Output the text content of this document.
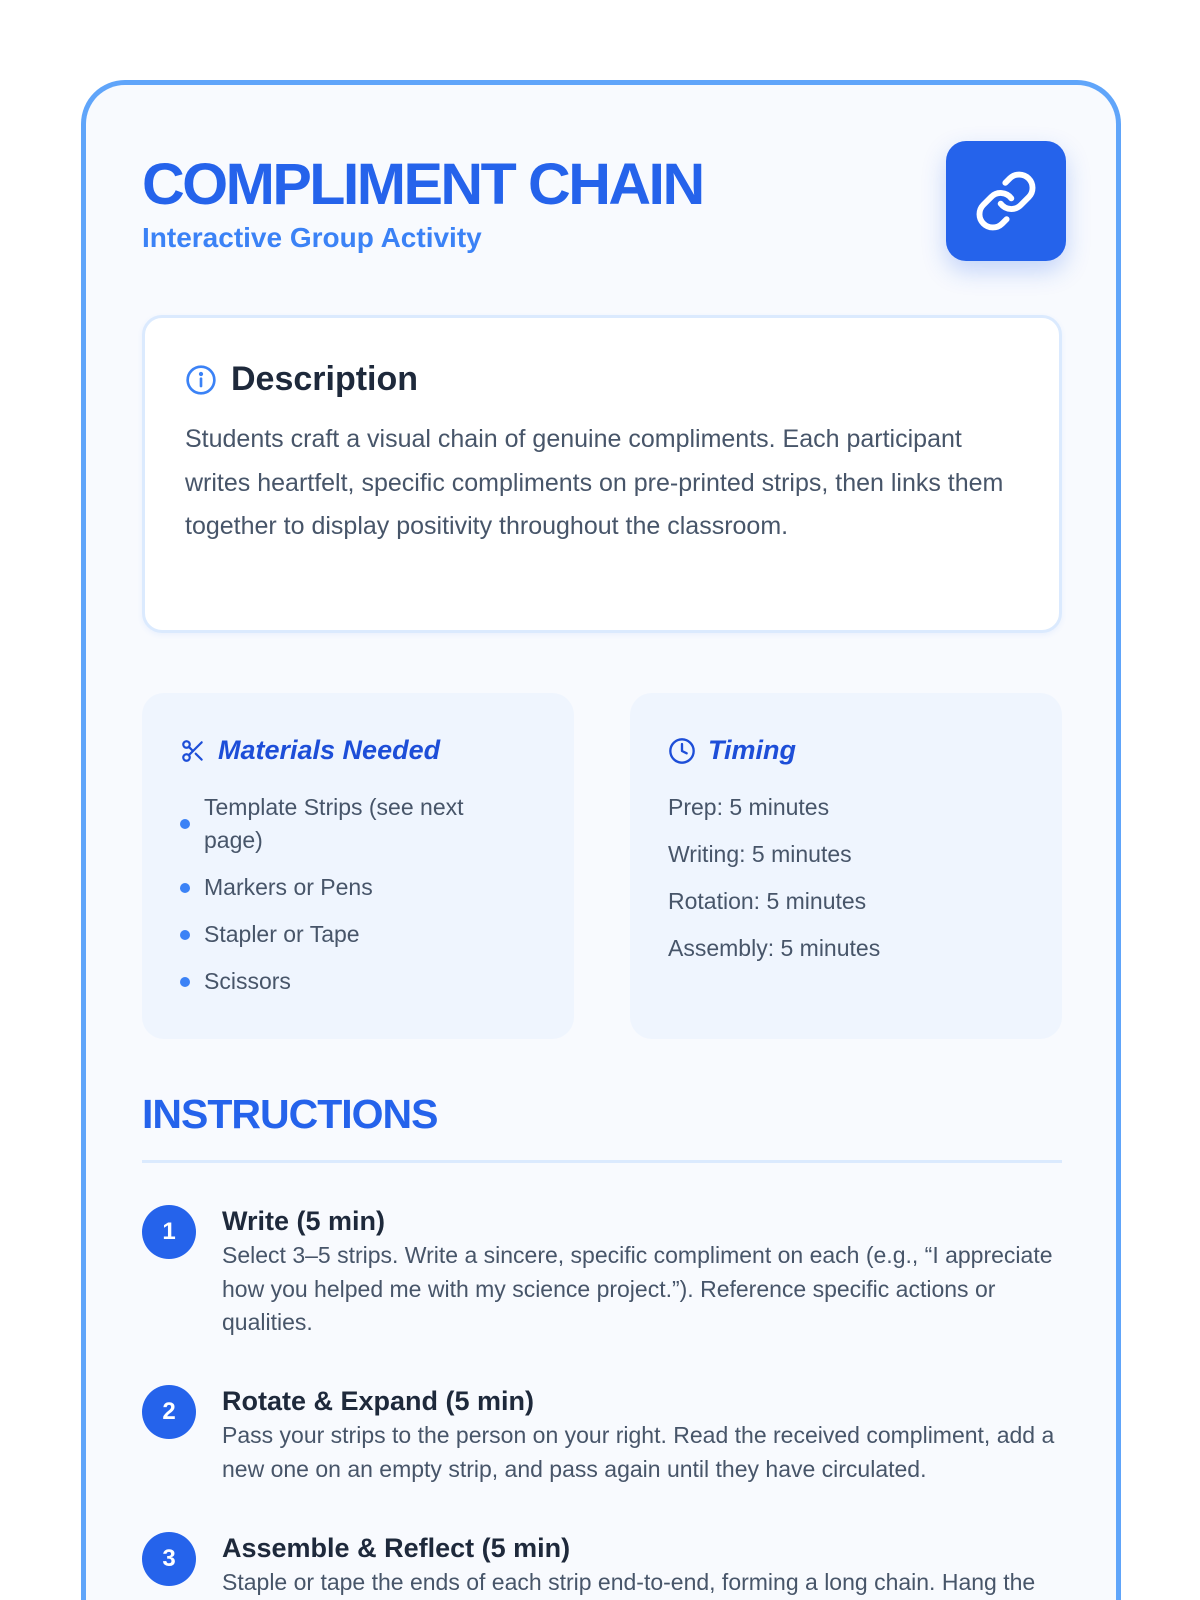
COMPLIMENT CHAIN
Interactive Group Activity
Description

Students craft a visual chain of genuine compliments. Each participant writes heartfelt, specific compliments on pre-printed strips, then links them together to display positivity throughout the classroom.

Materials Needed
Template Strips (see next page)
Markers or Pens
Stapler or Tape
Scissors
Timing
Prep: 5 minutes
Writing: 5 minutes
Rotation: 5 minutes
Assembly: 5 minutes
INSTRUCTIONS
1	Write (5 min)
Select 3–5 strips. Write a sincere, specific compliment on each (e.g., “I appreciate how you helped me with my science project.”). Reference specific actions or qualities.
2	Rotate & Expand (5 min)
Pass your strips to the person on your right. Read the received compliment, add a new one on an empty strip, and pass again until they have circulated.
3	Assemble & Reflect (5 min)
Staple or tape the ends of each strip end-to-end, forming a long chain. Hang the
